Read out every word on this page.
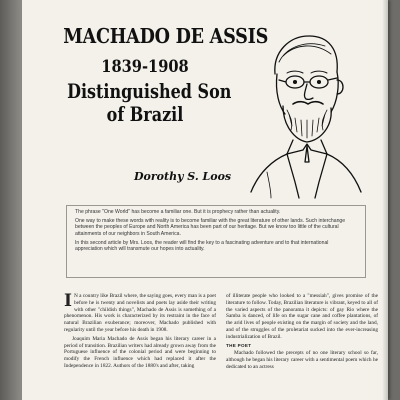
MACHADO DE ASSIS
1839-1908
Distinguished Son
of Brazil
Dorothy S. Loos

The phrase "One World" has become a familiar one. But it is prophecy rather than actuality.

One way to make these words with reality is to become familiar with the great literature of other lands. Such interchange between the peoples of Europe and North America has been part of our heritage. But we know too little of the cultural attainments of our neighbors in South America.

In this second article by Mrs. Loos, the reader will find the key to a fascinating adventure and to that international appreciation which will transmute our hopes into actuality.

I N a country like Brazil where, the saying goes, every man is a poet before he is twenty and novelists and poets lay aside their writing with other "childish things", Machado de Assis is something of a phenomenon. His work is characterized by its restraint in the face of natural Brazilian exuberance; moreover, Machado published with regularity until the year before his death in 1908.

Joaquim Maria Machado de Assis began his literary career in a period of transition. Brazilian writers had already grown away from the Portuguese influence of the colonial period and were beginning to modify the French influence which had replaced it after the Independence in 1822. Authors of the 1880's and after, taking

of illiterate people who looked to a "messiah", gives promise of the literature to follow. Today, Brazilian literature is vibrant, keyed to all of the varied aspects of the panorama it depicts: of gay Rio where the Samba is danced, of life on the sugar cane and coffee plantations, of the arid lives of people existing on the margin of society and the land, and of the struggles of the proletariat sucked into the ever-increasing industrialization of Brazil.

THE POET

Machado followed the precepts of no one literary school so far, although he began his literary career with a sentimental poem which he dedicated to an actress
